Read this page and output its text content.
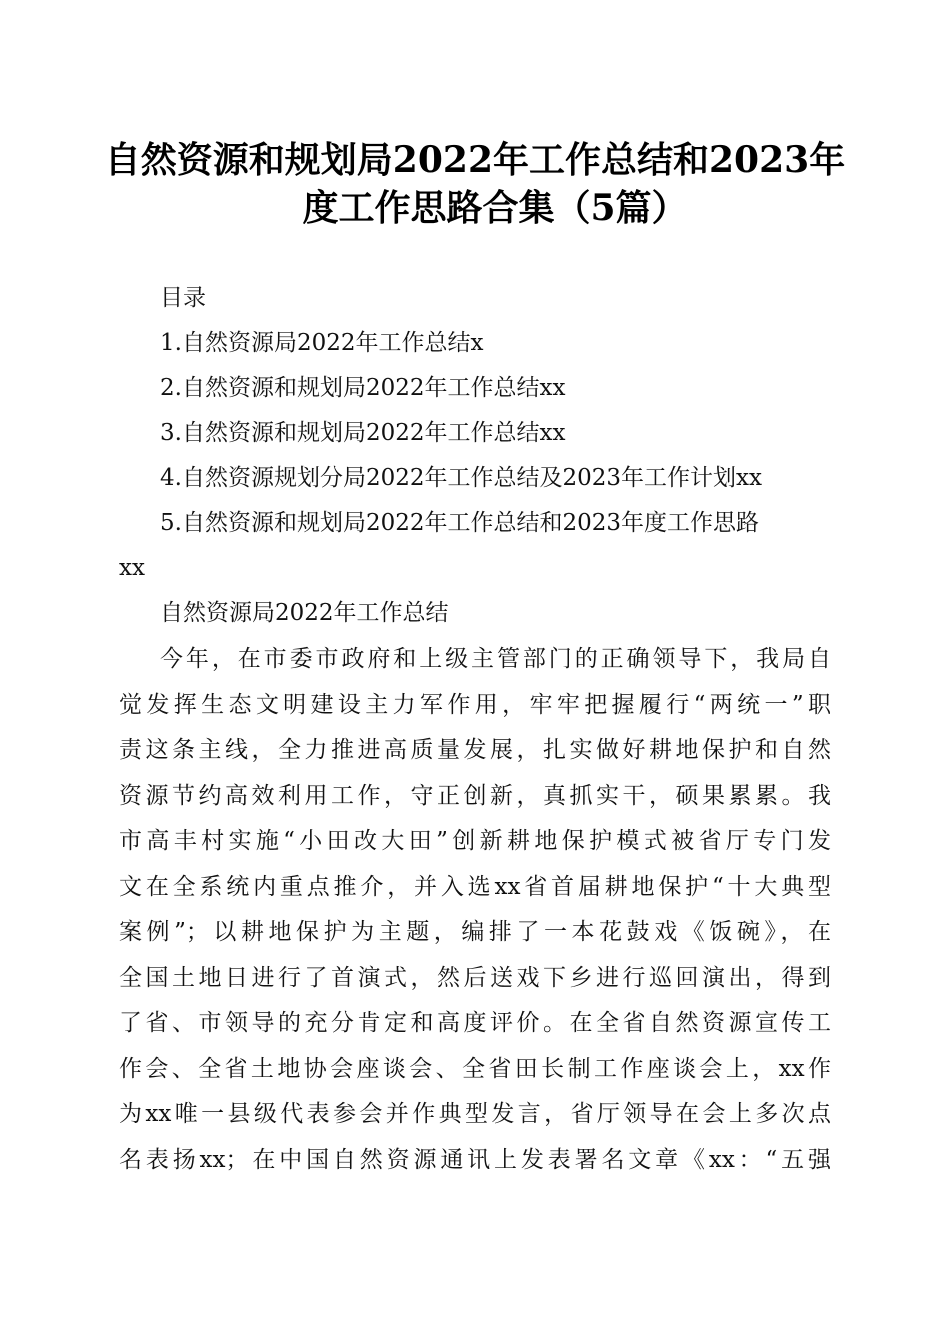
自然资源和规划局2022年工作总结和2023年
度工作思路合集（5篇）
目录
1.自然资源局2022年工作总结x
2.自然资源和规划局2022年工作总结xx
3.自然资源和规划局2022年工作总结xx
4.自然资源规划分局2022年工作总结及2023年工作计划xx
5.自然资源和规划局2022年工作总结和2023年度工作思路
xx
自然资源局2022年工作总结
今年，在市委市政府和上级主管部门的正确领导下，我局自
觉发挥生态文明建设主力军作用，牢牢把握履行“两统一”职
责这条主线，全力推进高质量发展，扎实做好耕地保护和自然
资源节约高效利用工作，守正创新，真抓实干，硕果累累。我
市高丰村实施“小田改大田”创新耕地保护模式被省厅专门发
文在全系统内重点推介，并入选xx省首届耕地保护“十大典型
案例”；以耕地保护为主题，编排了一本花鼓戏《饭碗》，在
全国土地日进行了首演式，然后送戏下乡进行巡回演出，得到
了省、市领导的充分肯定和高度评价。在全省自然资源宣传工
作会、全省土地协会座谈会、全省田长制工作座谈会上，xx作
为xx唯一县级代表参会并作典型发言，省厅领导在会上多次点
名表扬xx；在中国自然资源通讯上发表署名文章《xx：“五强
